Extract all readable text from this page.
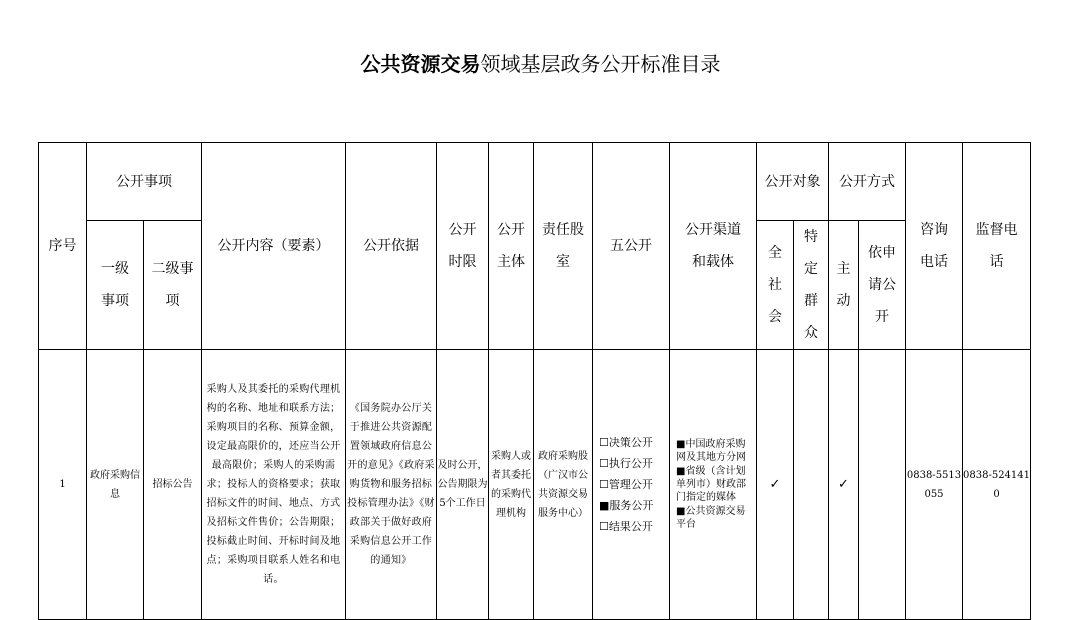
公共资源交易领域基层政务公开标准目录
序号	公开事项		公开内容（要素）	公开依据	公开时限	公开主体	责任股室	五公开	公开渠道和载体	公开对象		公开方式		咨询电话	监督电话
	一级事项	二级事项								全社会	特定群众	主动	依申请公开		
1	政府采购信息	招标公告	采购人及其委托的采购代理机构的名称、地址和联系方法；采购项目的名称、预算金额，设定最高限价的，还应当公开最高限价；采购人的采购需求；投标人的资格要求；获取招标文件的时间、地点、方式及招标文件售价；公告期限；投标截止时间、开标时间及地点；采购项目联系人姓名和电话。	《国务院办公厅关于推进公共资源配置领域政府信息公开的意见》《政府采购货物和服务招标投标管理办法》《财政部关于做好政府采购信息公开工作的通知》	及时公开，公告期限为5个工作日	采购人或者其委托的采购代理机构	政府采购股（广汉市公共资源交易服务中心）	☐决策公开
☐执行公开
☐管理公开
■服务公开
☐结果公开	■中国政府采购网及其地方分网
■省级（含计划单列市）财政部门指定的媒体
■公共资源交易平台	✓		✓		0838-5513055	0838-5241410
